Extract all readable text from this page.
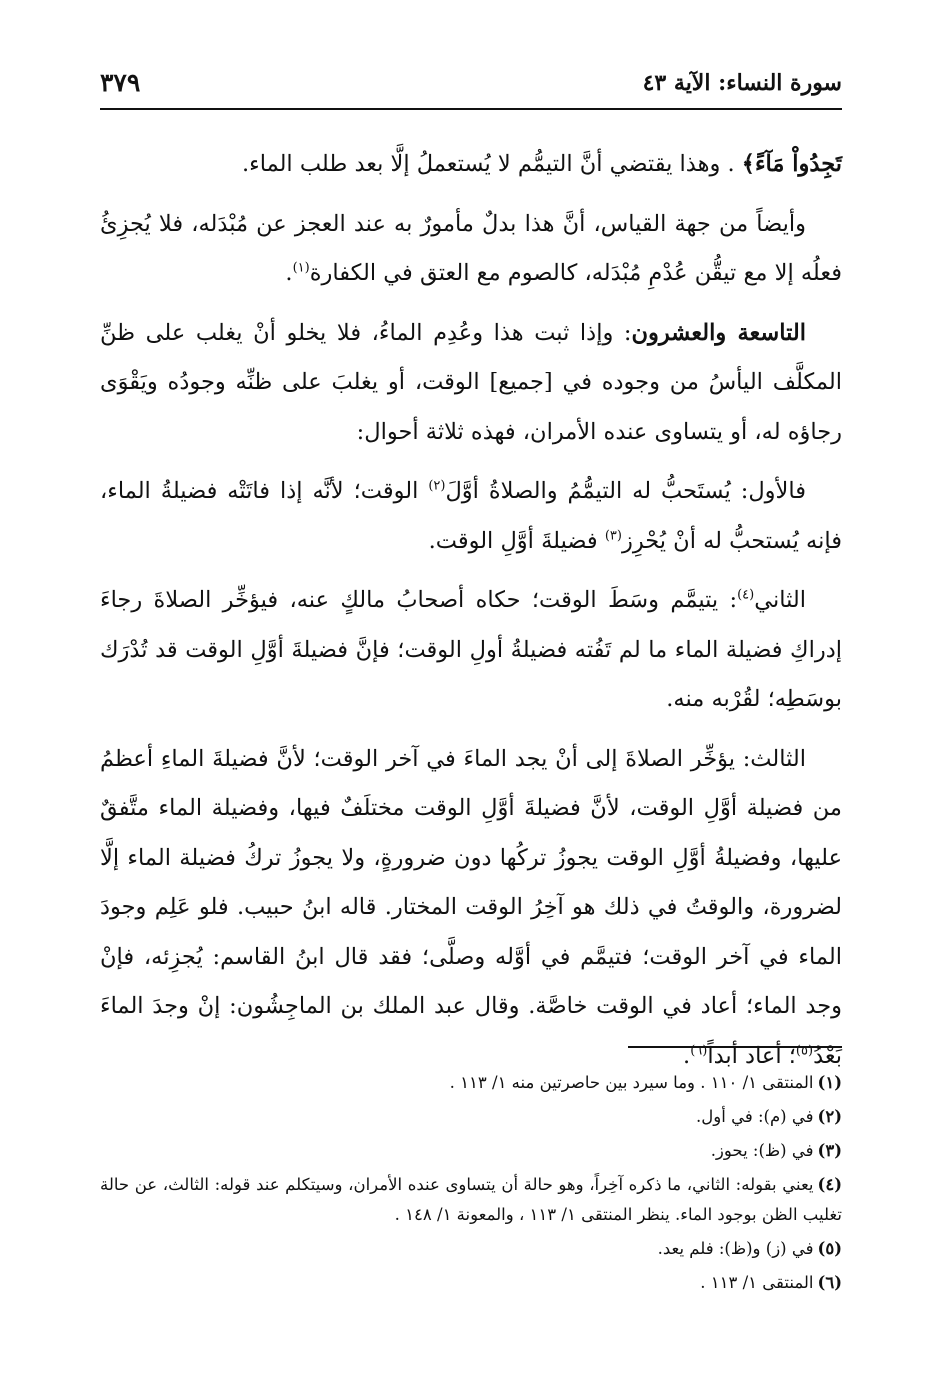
سورة النساء: الآية ٤٣
٣٧٩

تَجِدُواْ مَآءً﴾ . وهذا يقتضي أنَّ التيمُّم لا يُستعملُ إلَّا بعد طلب الماء.

وأيضاً من جهة القياس، أنَّ هذا بدلٌ مأمورٌ به عند العجز عن مُبْدَله، فلا يُجزِئُ فعلُه إلا مع تيقُّن عُدْمِ مُبْدَله، كالصوم مع العتق في الكفارة$^{(١)}$.

التاسعة والعشرون: وإذا ثبت هذا وعُدِم الماءُ، فلا يخلو أنْ يغلب على ظنِّ المكلَّف اليأسُ من وجوده في [جميع] الوقت، أو يغلبَ على ظنِّه وجودُه ويَقْوَى رجاؤه له، أو يتساوى عنده الأمران، فهذه ثلاثة أحوال:

فالأول: يُستَحبُّ له التيمُّمُ والصلاةُ أوَّلَ$^{(٢)}$ الوقت؛ لأنَّه إذا فاتَتْه فضيلةُ الماء، فإنه يُستحبُّ له أنْ يُحْرِز$^{(٣)}$ فضيلةَ أوَّلِ الوقت.

الثاني$^{(٤)}$: يتيمَّم وسَطَ الوقت؛ حكاه أصحابُ مالكٍ عنه، فيؤخِّر الصلاةَ رجاءَ إدراكِ فضيلة الماء ما لم تَفُته فضيلةُ أولِ الوقت؛ فإنَّ فضيلةَ أوَّلِ الوقت قد تُدْرَك بوسَطِه؛ لقُرْبه منه.

الثالث: يؤخِّر الصلاةَ إلى أنْ يجد الماءَ في آخر الوقت؛ لأنَّ فضيلةَ الماءِ أعظمُ من فضيلة أوَّلِ الوقت، لأنَّ فضيلةَ أوَّلِ الوقت مختلَفٌ فيها، وفضيلة الماء متَّفقٌ عليها، وفضيلةُ أوَّلِ الوقت يجوزُ تركُها دون ضرورةٍ، ولا يجوزُ تركُ فضيلة الماء إلَّا لضرورة، والوقتُ في ذلك هو آخِرُ الوقت المختار. قاله ابنُ حبيب. فلو عَلِم وجودَ الماء في آخر الوقت؛ فتيمَّم في أوَّله وصلَّى؛ فقد قال ابنُ القاسم: يُجزِئه، فإنْ وجد الماء؛ أعاد في الوقت خاصَّة. وقال عبد الملك بن الماجِشُون: إنْ وجدَ الماءَ بَعْدُ$^{(٥)}$؛ أعاد أبداً$^{(٦)}$.

(١)المنتقى ١/ ١١٠ . وما سيرد بين حاصرتين منه ١/ ١١٣ .

(٢)في (م): في أول.

(٣)في (ظ): يحوز.

(٤)يعني بقوله: الثاني، ما ذكره آخِراً، وهو حالة أن يتساوى عنده الأمران، وسيتكلم عند قوله: الثالث، عن حالة تغليب الظن بوجود الماء. ينظر المنتقى ١/ ١١٣ ، والمعونة ١/ ١٤٨ .

(٥)في (ز) و(ظ): فلم يعد.

(٦)المنتقى ١/ ١١٣ .
